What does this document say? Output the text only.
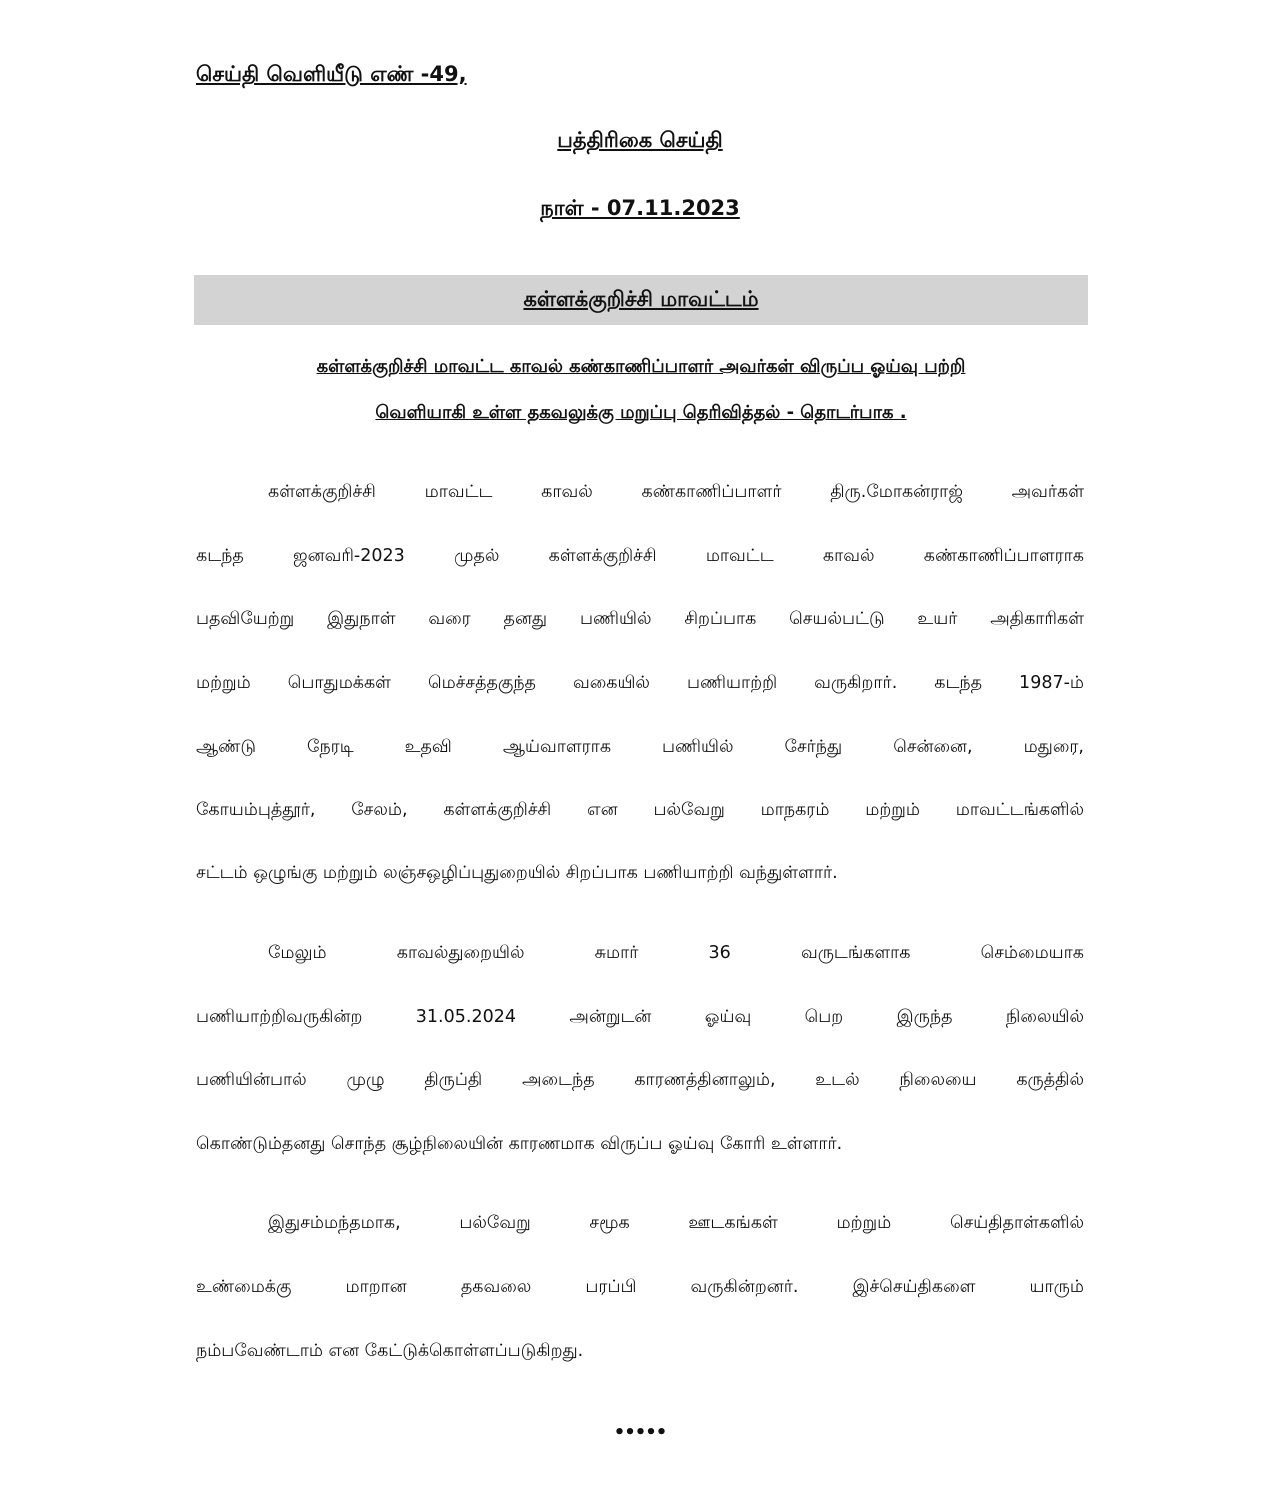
செய்தி வெளியீடு எண் -49,
பத்திரிகை செய்தி
நாள் - 07.11.2023
கள்ளக்குறிச்சி மாவட்டம்
கள்ளக்குறிச்சி மாவட்ட காவல் கண்காணிப்பாளர் அவர்கள் விருப்ப ஓய்வு பற்றி
வெளியாகி உள்ள தகவலுக்கு மறுப்பு தெரிவித்தல் - தொடர்பாக .
கள்ளக்குறிச்சி மாவட்ட காவல் கண்காணிப்பாளர் திரு.மோகன்ராஜ் அவர்கள்
கடந்த ஜனவரி-2023 முதல் கள்ளக்குறிச்சி மாவட்ட காவல் கண்காணிப்பாளராக
பதவியேற்று இதுநாள் வரை தனது பணியில் சிறப்பாக செயல்பட்டு உயர் அதிகாரிகள்
மற்றும் பொதுமக்கள் மெச்சத்தகுந்த வகையில் பணியாற்றி வருகிறார். கடந்த 1987-ம்
ஆண்டு நேரடி உதவி ஆய்வாளராக பணியில் சேர்ந்து சென்னை, மதுரை,
கோயம்புத்தூர், சேலம், கள்ளக்குறிச்சி என பல்வேறு மாநகரம் மற்றும் மாவட்டங்களில்
சட்டம் ஒழுங்கு மற்றும் லஞ்சஒழிப்புதுறையில் சிறப்பாக பணியாற்றி வந்துள்ளார்.
மேலும் காவல்துறையில் சுமார் 36 வருடங்களாக செம்மையாக
பணியாற்றிவருகின்ற 31.05.2024 அன்றுடன் ஓய்வு பெற இருந்த நிலையில்
பணியின்பால் முழு திருப்தி அடைந்த காரணத்தினாலும், உடல் நிலையை கருத்தில்
கொண்டும்தனது சொந்த சூழ்நிலையின் காரணமாக விருப்ப ஓய்வு கோரி உள்ளார்.
இதுசம்மந்தமாக, பல்வேறு சமூக ஊடகங்கள் மற்றும் செய்திதாள்களில்
உண்மைக்கு மாறான தகவலை பரப்பி வருகின்றனர். இச்செய்திகளை யாரும்
நம்பவேண்டாம் என கேட்டுக்கொள்ளப்படுகிறது.
•••••
